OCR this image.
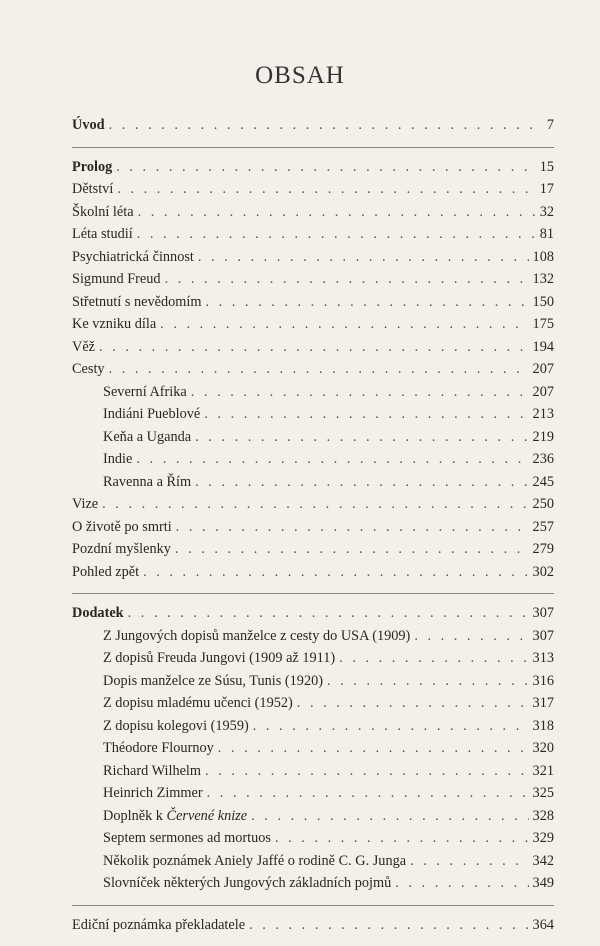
OBSAH
Úvod . . .	7
Prolog . . .	15
Dětství . . .	17
Školní léta . . .	32
Léta studií . . .	81
Psychiatrická činnost . . .	108
Sigmund Freud . . .	132
Střetnutí s nevědomím . . .	150
Ke vzniku díla . . .	175
Věž . . .	194
Cesty . . .	207
Severní Afrika . . .	207
Indiáni Pueblové . . .	213
Keňa a Uganda . . .	219
Indie . . .	236
Ravenna a Řím . . .	245
Vize . . .	250
O životě po smrti . . .	257
Pozdní myšlenky . . .	279
Pohled zpět . . .	302
Dodatek . . .	307
Z Jungových dopisů manželce z cesty do USA (1909) . . .	307
Z dopisů Freuda Jungovi (1909 až 1911) . . .	313
Dopis manželce ze Súsu, Tunis (1920) . . .	316
Z dopisu mladému učenci (1952) . . .	317
Z dopisu kolegovi (1959) . . .	318
Théodore Flournoy . . .	320
Richard Wilhelm . . .	321
Heinrich Zimmer . . .	325
Doplněk k Červené knize . . .	328
Septem sermones ad mortuos . . .	329
Několik poznámek Aniely Jaffé o rodině C. G. Junga . . .	342
Slovníček některých Jungových základních pojmů . . .	349
Ediční poznámka překladatele . . .	364
